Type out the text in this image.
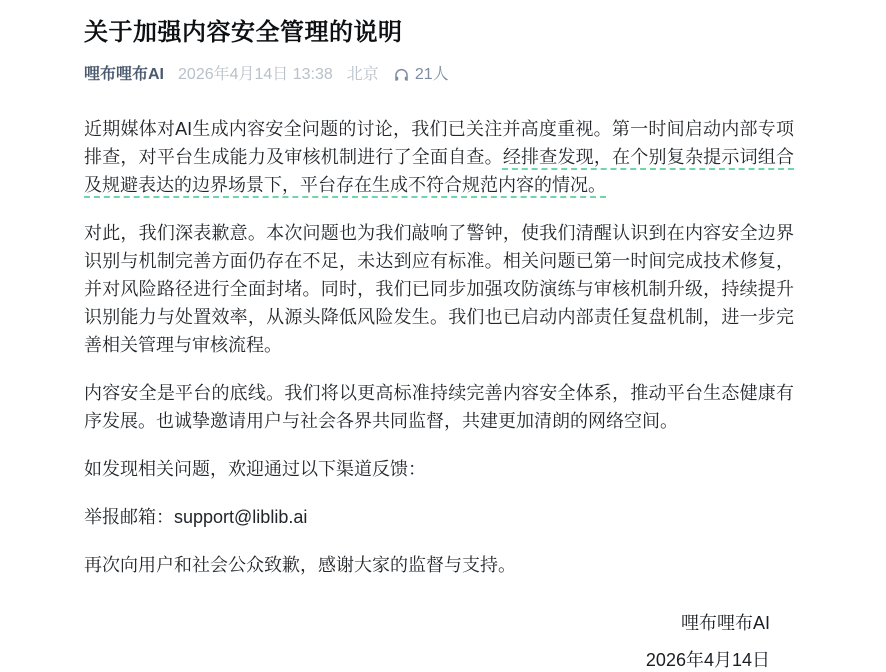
关于加强内容安全管理的说明
哩布哩布AI 2026年4月14日 13:38 北京 21人

近期媒体对AI生成内容安全问题的讨论，我们已关注并高度重视。第一时间启动内部专项排查，对平台生成能力及审核机制进行了全面自查。经排查发现，在个别复杂提示词组合及规避表达的边界场景下，平台存在生成不符合规范内容的情况。

对此，我们深表歉意。本次问题也为我们敲响了警钟，使我们清醒认识到在内容安全边界识别与机制完善方面仍存在不足，未达到应有标准。相关问题已第一时间完成技术修复，并对风险路径进行全面封堵。同时，我们已同步加强攻防演练与审核机制升级，持续提升识别能力与处置效率，从源头降低风险发生。我们也已启动内部责任复盘机制，进一步完善相关管理与审核流程。

内容安全是平台的底线。我们将以更高标准持续完善内容安全体系，推动平台生态健康有序发展。也诚挚邀请用户与社会各界共同监督，共建更加清朗的网络空间。

如发现相关问题，欢迎通过以下渠道反馈：

举报邮箱：support@liblib.ai

再次向用户和社会公众致歉，感谢大家的监督与支持。

哩布哩布AI
2026年4月14日
